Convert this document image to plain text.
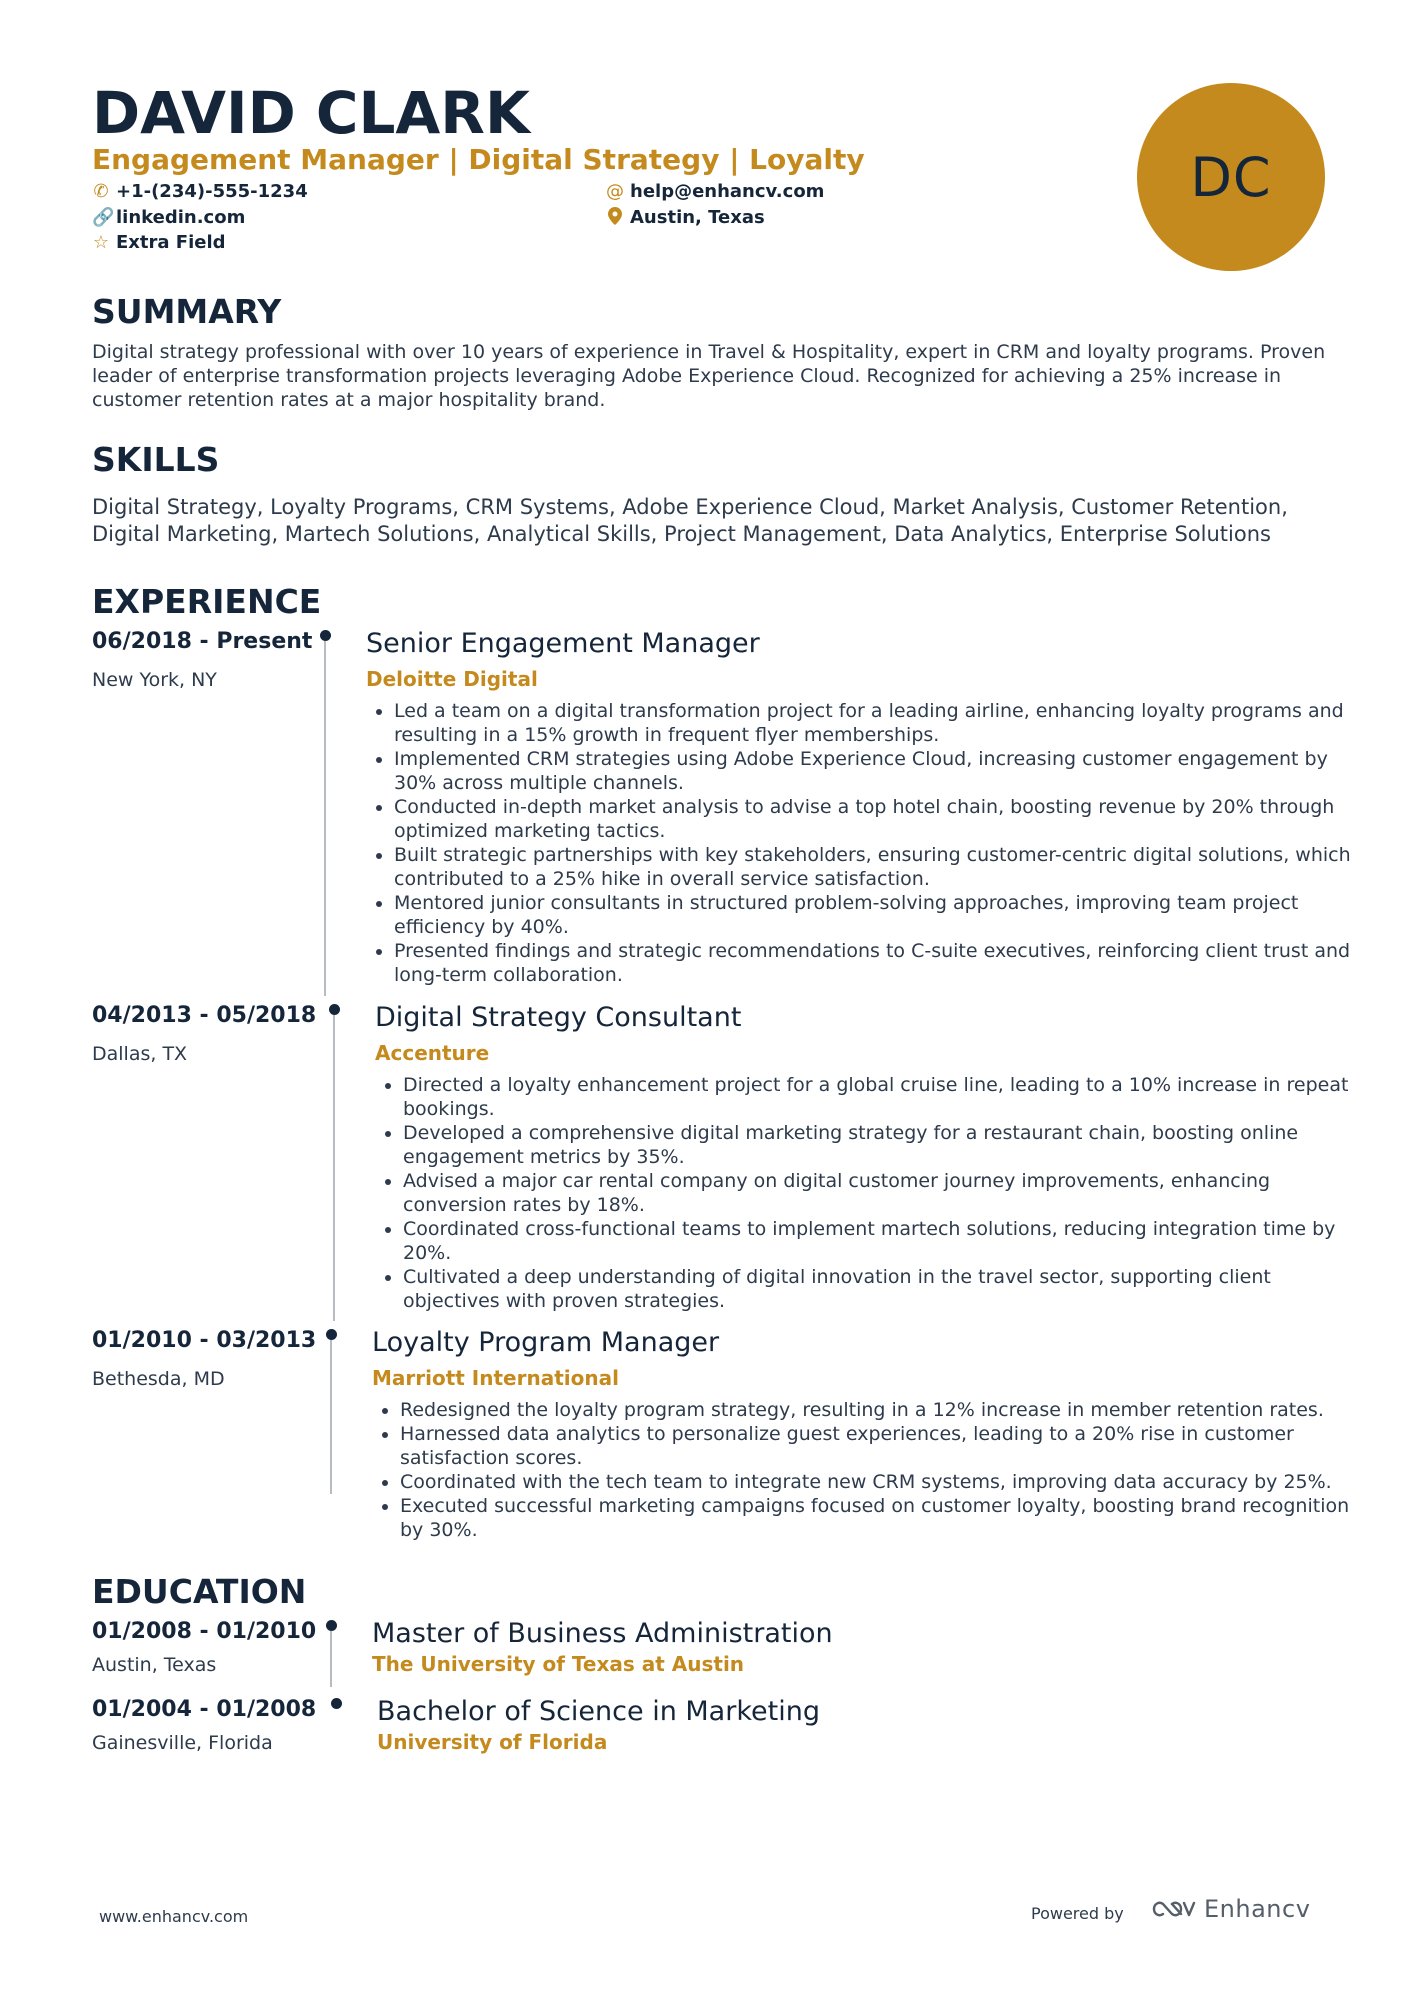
DAVID CLARK
Engagement Manager | Digital Strategy | Loyalty
✆ +1-(234)-555-1234
🔗linkedin.com
☆ Extra Field
@ help@enhancv.com
Austin, Texas
DC
SUMMARY

Digital strategy professional with over 10 years of experience in Travel & Hospitality, expert in CRM and loyalty programs. Proven leader of enterprise transformation projects leveraging Adobe Experience Cloud. Recognized for achieving a 25% increase in customer retention rates at a major hospitality brand.

SKILLS

Digital Strategy, Loyalty Programs, CRM Systems, Adobe Experience Cloud, Market Analysis, Customer Retention, Digital Marketing, Martech Solutions, Analytical Skills, Project Management, Data Analytics, Enterprise Solutions

EXPERIENCE
06/2018 - Present
New York, NY
Senior Engagement Manager
Deloitte Digital
• Led a team on a digital transformation project for a leading airline, enhancing loyalty programs and resulting in a 15% growth in frequent flyer memberships.
• Implemented CRM strategies using Adobe Experience Cloud, increasing customer engagement by 30% across multiple channels.
• Conducted in-depth market analysis to advise a top hotel chain, boosting revenue by 20% through optimized marketing tactics.
• Built strategic partnerships with key stakeholders, ensuring customer-centric digital solutions, which contributed to a 25% hike in overall service satisfaction.
• Mentored junior consultants in structured problem-solving approaches, improving team project efficiency by 40%.
• Presented findings and strategic recommendations to C-suite executives, reinforcing client trust and long-term collaboration.
04/2013 - 05/2018
Dallas, TX
Digital Strategy Consultant
Accenture
• Directed a loyalty enhancement project for a global cruise line, leading to a 10% increase in repeat bookings.
• Developed a comprehensive digital marketing strategy for a restaurant chain, boosting online engagement metrics by 35%.
• Advised a major car rental company on digital customer journey improvements, enhancing conversion rates by 18%.
• Coordinated cross-functional teams to implement martech solutions, reducing integration time by 20%.
• Cultivated a deep understanding of digital innovation in the travel sector, supporting client objectives with proven strategies.
01/2010 - 03/2013
Bethesda, MD
Loyalty Program Manager
Marriott International
• Redesigned the loyalty program strategy, resulting in a 12% increase in member retention rates.
• Harnessed data analytics to personalize guest experiences, leading to a 20% rise in customer satisfaction scores.
• Coordinated with the tech team to integrate new CRM systems, improving data accuracy by 25%.
• Executed successful marketing campaigns focused on customer loyalty, boosting brand recognition by 30%.
EDUCATION
01/2008 - 01/2010
Austin, Texas
Master of Business Administration
The University of Texas at Austin
01/2004 - 01/2008
Gainesville, Florida
Bachelor of Science in Marketing
University of Florida
www.enhancv.com	Powered by	Enhancv
